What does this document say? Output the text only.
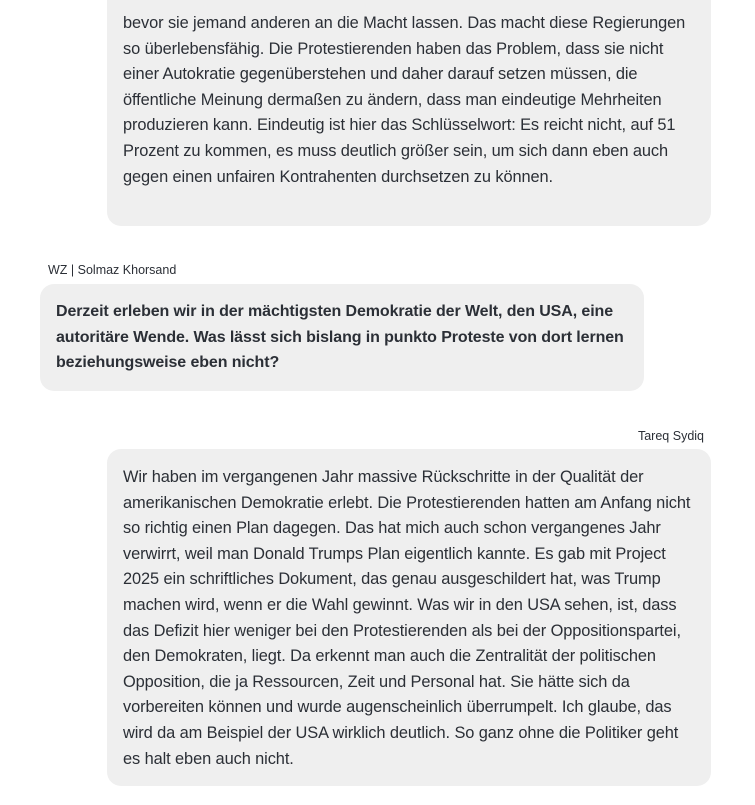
bevor sie jemand anderen an die Macht lassen. Das macht diese Regierungen so überlebensfähig. Die Protestierenden haben das Problem, dass sie nicht einer Autokratie gegenüberstehen und daher darauf setzen müssen, die öffentliche Meinung dermaßen zu ändern, dass man eindeutige Mehrheiten produzieren kann. Eindeutig ist hier das Schlüsselwort: Es reicht nicht, auf 51 Prozent zu kommen, es muss deutlich größer sein, um sich dann eben auch gegen einen unfairen Kontrahenten durchsetzen zu können.

WZ | Solmaz Khorsand

Derzeit erleben wir in der mächtigsten Demokratie der Welt, den USA, eine autoritäre Wende. Was lässt sich bislang in punkto Proteste von dort lernen beziehungsweise eben nicht?

Tareq Sydiq

Wir haben im vergangenen Jahr massive Rückschritte in der Qualität der amerikanischen Demokratie erlebt. Die Protestierenden hatten am Anfang nicht so richtig einen Plan dagegen. Das hat mich auch schon vergangenes Jahr verwirrt, weil man Donald Trumps Plan eigentlich kannte. Es gab mit Project 2025 ein schriftliches Dokument, das genau ausgeschildert hat, was Trump machen wird, wenn er die Wahl gewinnt. Was wir in den USA sehen, ist, dass das Defizit hier weniger bei den Protestierenden als bei der Oppositionspartei, den Demokraten, liegt. Da erkennt man auch die Zentralität der politischen Opposition, die ja Ressourcen, Zeit und Personal hat. Sie hätte sich da vorbereiten können und wurde augenscheinlich überrumpelt. Ich glaube, das wird da am Beispiel der USA wirklich deutlich. So ganz ohne die Politiker geht es halt eben auch nicht.
